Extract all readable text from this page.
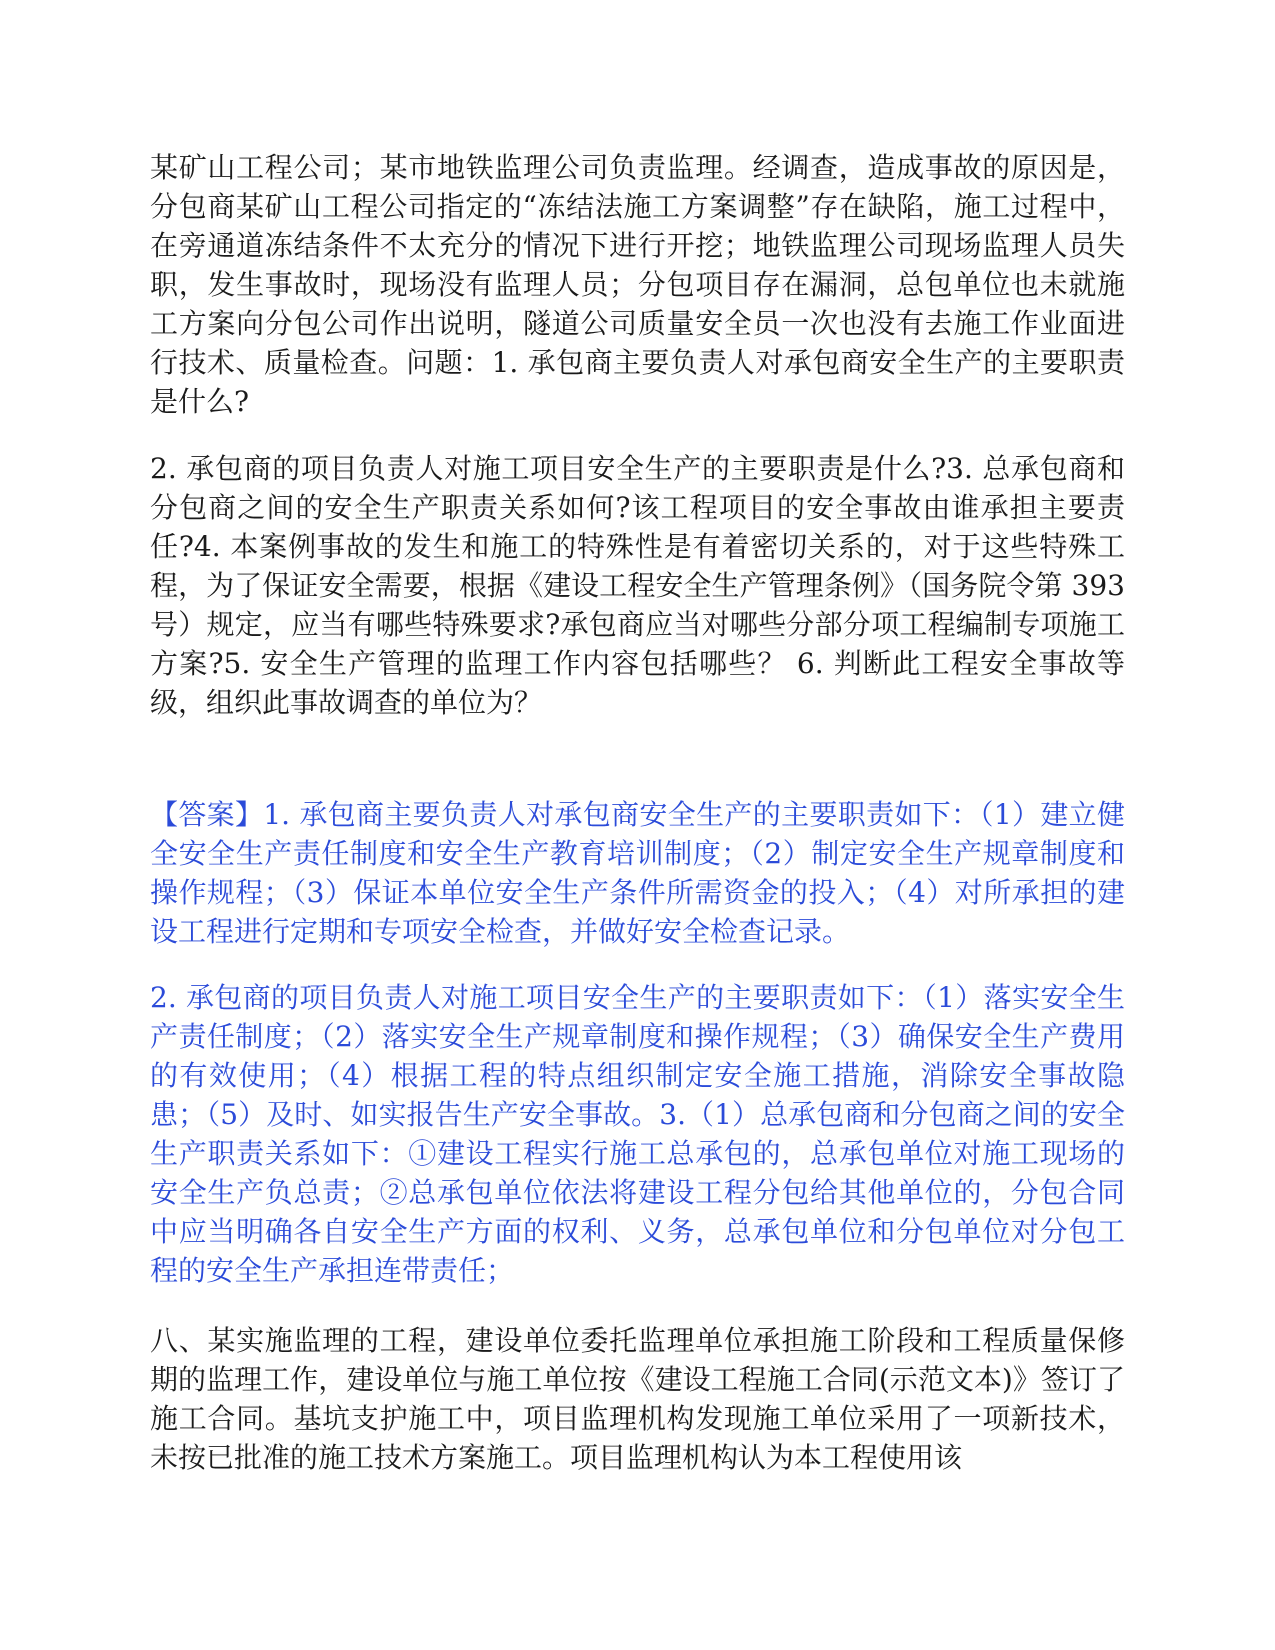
某矿山工程公司；某市地铁监理公司负责监理。经调查，造成事故的原因是，分包商某矿山工程公司指定的“冻结法施工方案调整”存在缺陷，施工过程中，在旁通道冻结条件不太充分的情况下进行开挖；地铁监理公司现场监理人员失职，发生事故时，现场没有监理人员；分包项目存在漏洞，总包单位也未就施工方案向分包公司作出说明，隧道公司质量安全员一次也没有去施工作业面进行技术、质量检查。问题：1. 承包商主要负责人对承包商安全生产的主要职责是什么?

2. 承包商的项目负责人对施工项目安全生产的主要职责是什么?3. 总承包商和分包商之间的安全生产职责关系如何?该工程项目的安全事故由谁承担主要责任?4. 本案例事故的发生和施工的特殊性是有着密切关系的，对于这些特殊工程，为了保证安全需要，根据《建设工程安全生产管理条例》（国务院令第 393 号）规定，应当有哪些特殊要求?承包商应当对哪些分部分项工程编制专项施工方案?5. 安全生产管理的监理工作内容包括哪些？ 6. 判断此工程安全事故等级，组织此事故调查的单位为？

【答案】1. 承包商主要负责人对承包商安全生产的主要职责如下：（1）建立健全安全生产责任制度和安全生产教育培训制度；（2）制定安全生产规章制度和操作规程；（3）保证本单位安全生产条件所需资金的投入；（4）对所承担的建设工程进行定期和专项安全检查，并做好安全检查记录。

2. 承包商的项目负责人对施工项目安全生产的主要职责如下：（1）落实安全生产责任制度；（2）落实安全生产规章制度和操作规程；（3）确保安全生产费用的有效使用；（4）根据工程的特点组织制定安全施工措施，消除安全事故隐患；（5）及时、如实报告生产安全事故。3.（1）总承包商和分包商之间的安全生产职责关系如下：①建设工程实行施工总承包的，总承包单位对施工现场的安全生产负总责；②总承包单位依法将建设工程分包给其他单位的，分包合同中应当明确各自安全生产方面的权利、义务，总承包单位和分包单位对分包工程的安全生产承担连带责任；

八、某实施监理的工程，建设单位委托监理单位承担施工阶段和工程质量保修期的监理工作，建设单位与施工单位按《建设工程施工合同(示范文本)》签订了施工合同。基坑支护施工中，项目监理机构发现施工单位采用了一项新技术，未按已批准的施工技术方案施工。项目监理机构认为本工程使用该
